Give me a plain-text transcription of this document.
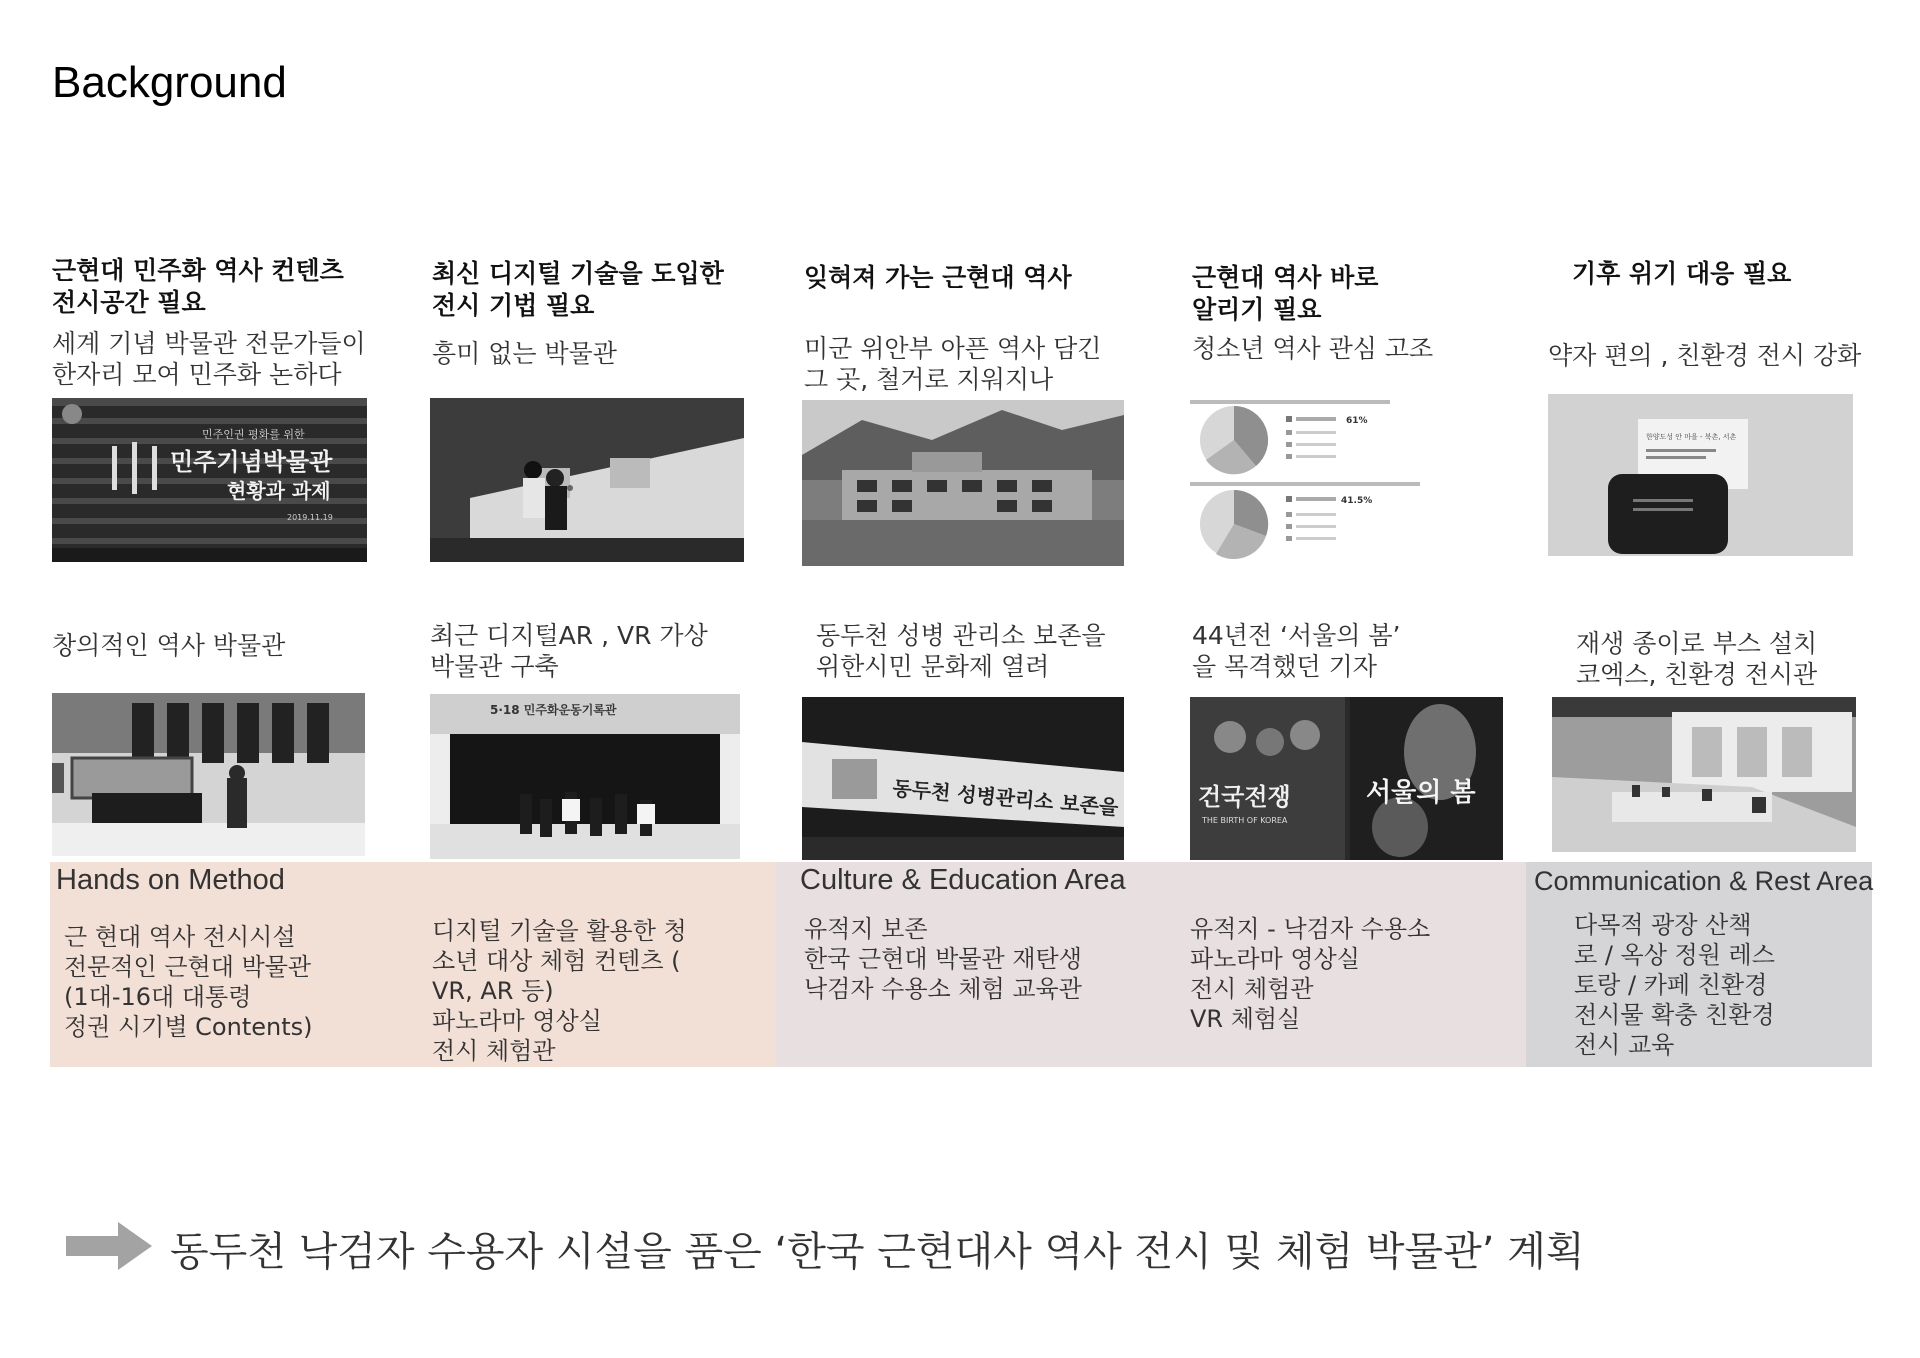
Background
근현대 민주화 역사 컨텐츠
전시공간 필요
세계 기념 박물관 전문가들이
한자리 모여 민주화 논하다
민주인권 평화를 위한
민주기념박물관
현황과 과제
2019.11.19
창의적인 역사 박물관
최신 디지털 기술을 도입한
전시 기법 필요
흥미 없는 박물관
최근 디지털AR , VR 가상
박물관 구축
5·18 민주화운동기록관
잊혀져 가는 근현대 역사
미군 위안부 아픈 역사 담긴
그 곳, 철거로 지워지나
동두천 성병 관리소 보존을
위한시민 문화제 열려
동두천 성병관리소 보존을
근현대 역사 바로
알리기 필요
청소년 역사 관심 고조
61%
41.5%
44년전 ‘서울의 봄’
을 목격했던 기자
건국전쟁
THE BIRTH OF KOREA
서울의 봄
기후 위기 대응 필요
약자 편의 , 친환경 전시 강화
한양도성 안 마을 - 북촌, 서촌
재생 종이로 부스 설치
코엑스, 친환경 전시관
Hands on Method
근 현대 역사 전시시설
전문적인 근현대 박물관
(1대-16대 대통령
정권 시기별 Contents)
디지털 기술을 활용한 청
소년 대상 체험 컨텐츠 (
VR, AR 등)
파노라마 영상실
전시 체험관
Culture & Education Area
유적지 보존
한국 근현대 박물관 재탄생
낙검자 수용소 체험 교육관
유적지 - 낙검자 수용소
파노라마 영상실
전시 체험관
VR 체험실
Communication & Rest Area
다목적 광장 산책
로 / 옥상 정원 레스
토랑 / 카페 친환경
전시물 확충 친환경
전시 교육
동두천 낙검자 수용자 시설을 품은 ‘한국 근현대사 역사 전시 및 체험 박물관’ 계획
